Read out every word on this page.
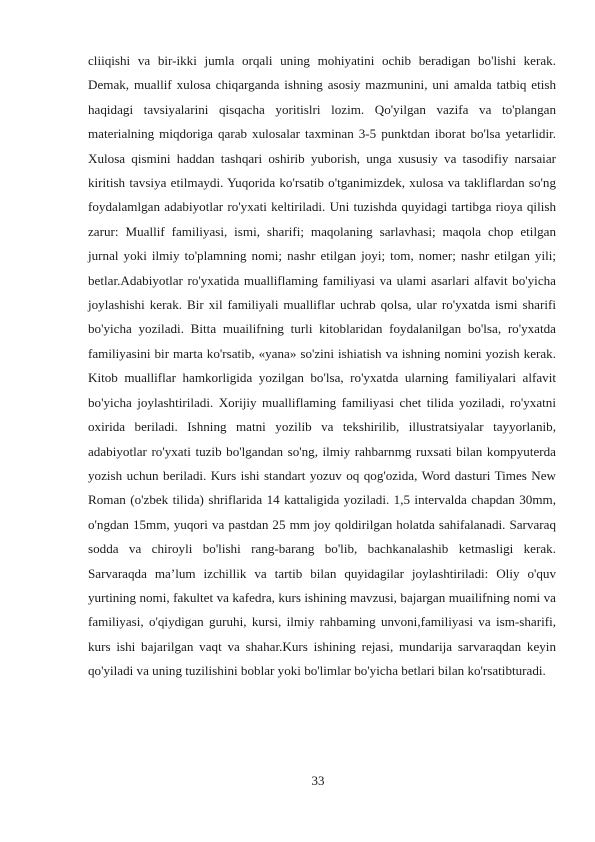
cliiqishi va bir-ikki jumla orqali uning mohiyatini ochib beradigan bo'lishi kerak. Demak, muallif xulosa chiqarganda ishning asosiy mazmunini, uni amalda tatbiq etish haqidagi tavsiyalarini qisqacha yoritislri lozim. Qo'yilgan vazifa va to'plangan materialning miqdoriga qarab xulosalar taxminan 3-5 punktdan iborat bo'lsa yetarlidir. Xulosa qismini haddan tashqari oshirib yuborish, unga xususiy va tasodifiy narsaiar kiritish tavsiya etilmaydi. Yuqorida ko'rsatib o'tganimizdek, xulosa va takliflardan so'ng foydalamlgan adabiyotlar ro'yxati keltiriladi. Uni tuzishda quyidagi tartibga rioya qilish zarur: Muallif familiyasi, ismi, sharifi; maqolaning sarlavhasi; maqola chop etilgan jurnal yoki ilmiy to'plamning nomi; nashr etilgan joyi; tom, nomer; nashr etilgan yili; betlar.Adabiyotlar ro'yxatida mualliflaming familiyasi va ulami asarlari alfavit bo'yicha joylashishi kerak. Bir xil familiyali mualliflar uchrab qolsa, ular ro'yxatda ismi sharifi bo'yicha yoziladi. Bitta muailifning turli kitoblaridan foydalanilgan bo'lsa, ro'yxatda familiyasini bir marta ko'rsatib, «yana» so'zini ishiatish va ishning nomini yozish kerak. Kitob mualliflar hamkorligida yozilgan bo'lsa, ro'yxatda ularning familiyalari alfavit bo'yicha joylashtiriladi. Xorijiy mualliflaming familiyasi chet tilida yoziladi, ro'yxatni oxirida beriladi. Ishning matni yozilib va tekshirilib, illustratsiyalar tayyorlanib, adabiyotlar ro'yxati tuzib bo'lgandan so'ng, ilmiy rahbarnmg ruxsati bilan kompyuterda yozish uchun beriladi. Kurs ishi standart yozuv oq qog'ozida, Word dasturi Times New Roman (o'zbek tilida) shriflarida 14 kattaligida yoziladi. 1,5 intervalda chapdan 30mm, o'ngdan 15mm, yuqori va pastdan 25 mm joy qoldirilgan holatda sahifalanadi. Sarvaraq sodda va chiroyli bo'lishi rang-barang bo'lib, bachkanalashib ketmasligi kerak. Sarvaraqda ma’lum izchillik va tartib bilan quyidagilar joylashtiriladi: Oliy o'quv yurtining nomi, fakultet va kafedra, kurs ishining mavzusi, bajargan muailifning nomi va familiyasi, o'qiydigan guruhi, kursi, ilmiy rahbaming unvoni,familiyasi va ism-sharifi, kurs ishi bajarilgan vaqt va shahar.Kurs ishining rejasi, mundarija sarvaraqdan keyin qo'yiladi va uning tuzilishini boblar yoki bo'limlar bo'yicha betlari bilan ko'rsatibturadi.

33
